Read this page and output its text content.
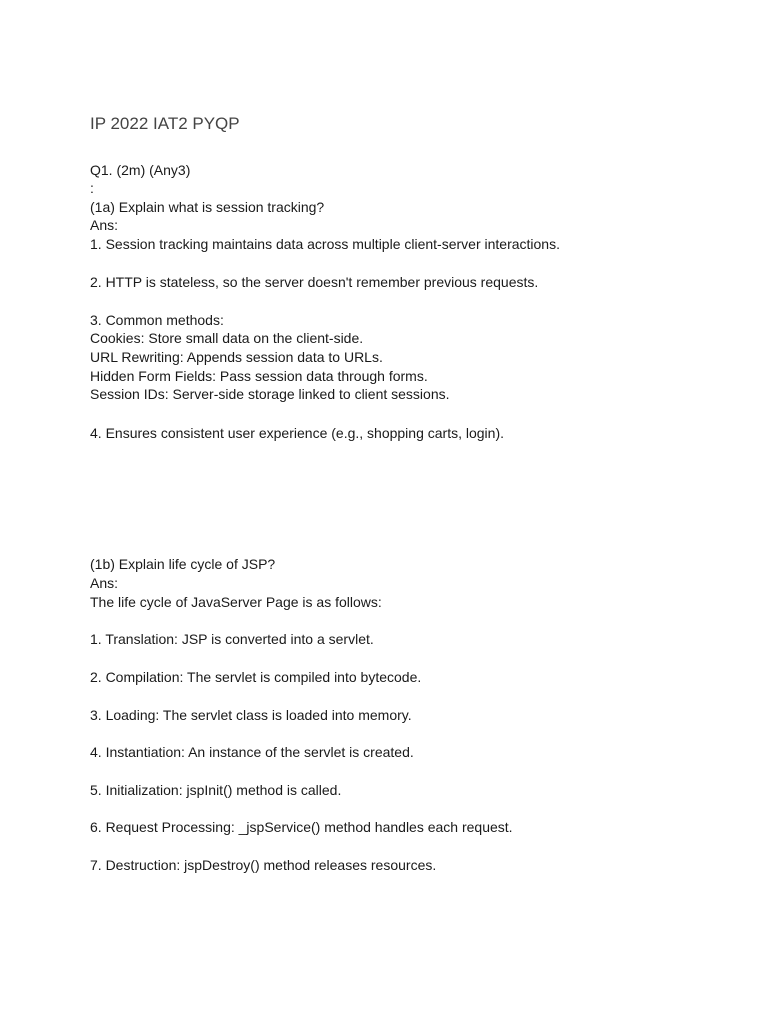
IP 2022 IAT2 PYQP
Q1. (2m) (Any3)
:
(1a) Explain what is session tracking?
Ans:
1. Session tracking maintains data across multiple client-server interactions.
2. HTTP is stateless, so the server doesn't remember previous requests.
3. Common methods:
Cookies: Store small data on the client-side.
URL Rewriting: Appends session data to URLs.
Hidden Form Fields: Pass session data through forms.
Session IDs: Server-side storage linked to client sessions.
4. Ensures consistent user experience (e.g., shopping carts, login).
(1b) Explain life cycle of JSP?
Ans:
The life cycle of JavaServer Page is as follows:
1. Translation: JSP is converted into a servlet.
2. Compilation: The servlet is compiled into bytecode.
3. Loading: The servlet class is loaded into memory.
4. Instantiation: An instance of the servlet is created.
5. Initialization: jspInit() method is called.
6. Request Processing: _jspService() method handles each request.
7. Destruction: jspDestroy() method releases resources.
